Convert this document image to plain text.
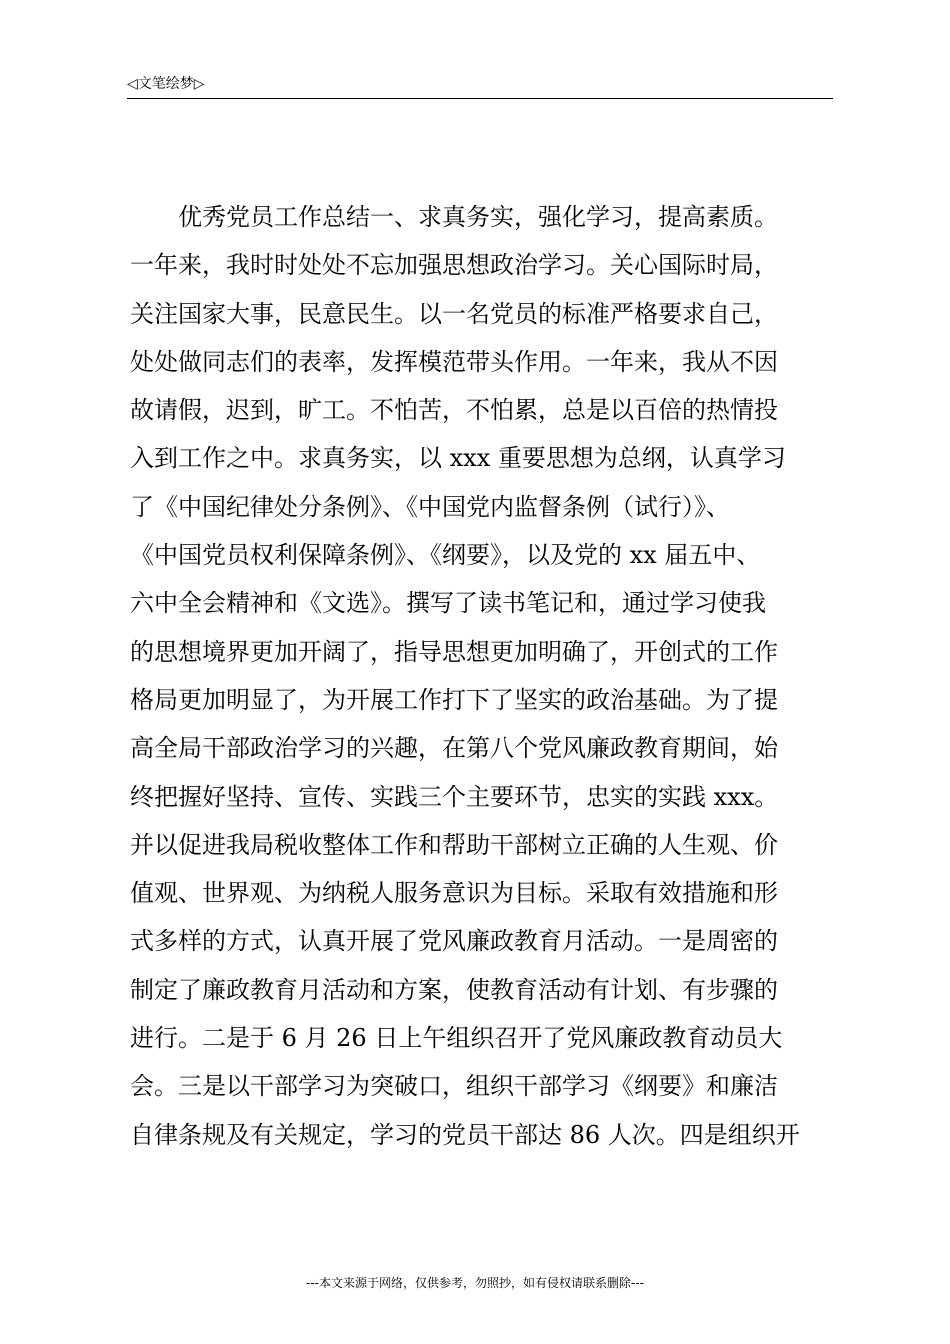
◁文笔绘梦▷
　　优秀党员工作总结一、求真务实，强化学习，提高素质。
一年来，我时时处处不忘加强思想政治学习。关心国际时局，
关注国家大事，民意民生。以一名党员的标准严格要求自己，
处处做同志们的表率，发挥模范带头作用。一年来，我从不因
故请假，迟到，旷工。不怕苦，不怕累，总是以百倍的热情投
入到工作之中。求真务实，以 xxx 重要思想为总纲，认真学习
了《中国纪律处分条例》、《中国党内监督条例（试行）》、
《中国党员权利保障条例》、《纲要》，以及党的 xx 届五中、
六中全会精神和《文选》。撰写了读书笔记和，通过学习使我
的思想境界更加开阔了，指导思想更加明确了，开创式的工作
格局更加明显了，为开展工作打下了坚实的政治基础。为了提
高全局干部政治学习的兴趣，在第八个党风廉政教育期间，始
终把握好坚持、宣传、实践三个主要环节，忠实的实践 xxx。
并以促进我局税收整体工作和帮助干部树立正确的人生观、价
值观、世界观、为纳税人服务意识为目标。采取有效措施和形
式多样的方式，认真开展了党风廉政教育月活动。一是周密的
制定了廉政教育月活动和方案，使教育活动有计划、有步骤的
进行。二是于 6 月 26 日上午组织召开了党风廉政教育动员大
会。三是以干部学习为突破口，组织干部学习《纲要》和廉洁
自律条规及有关规定，学习的党员干部达 86 人次。四是组织开
---本文来源于网络，仅供参考，勿照抄，如有侵权请联系删除---
